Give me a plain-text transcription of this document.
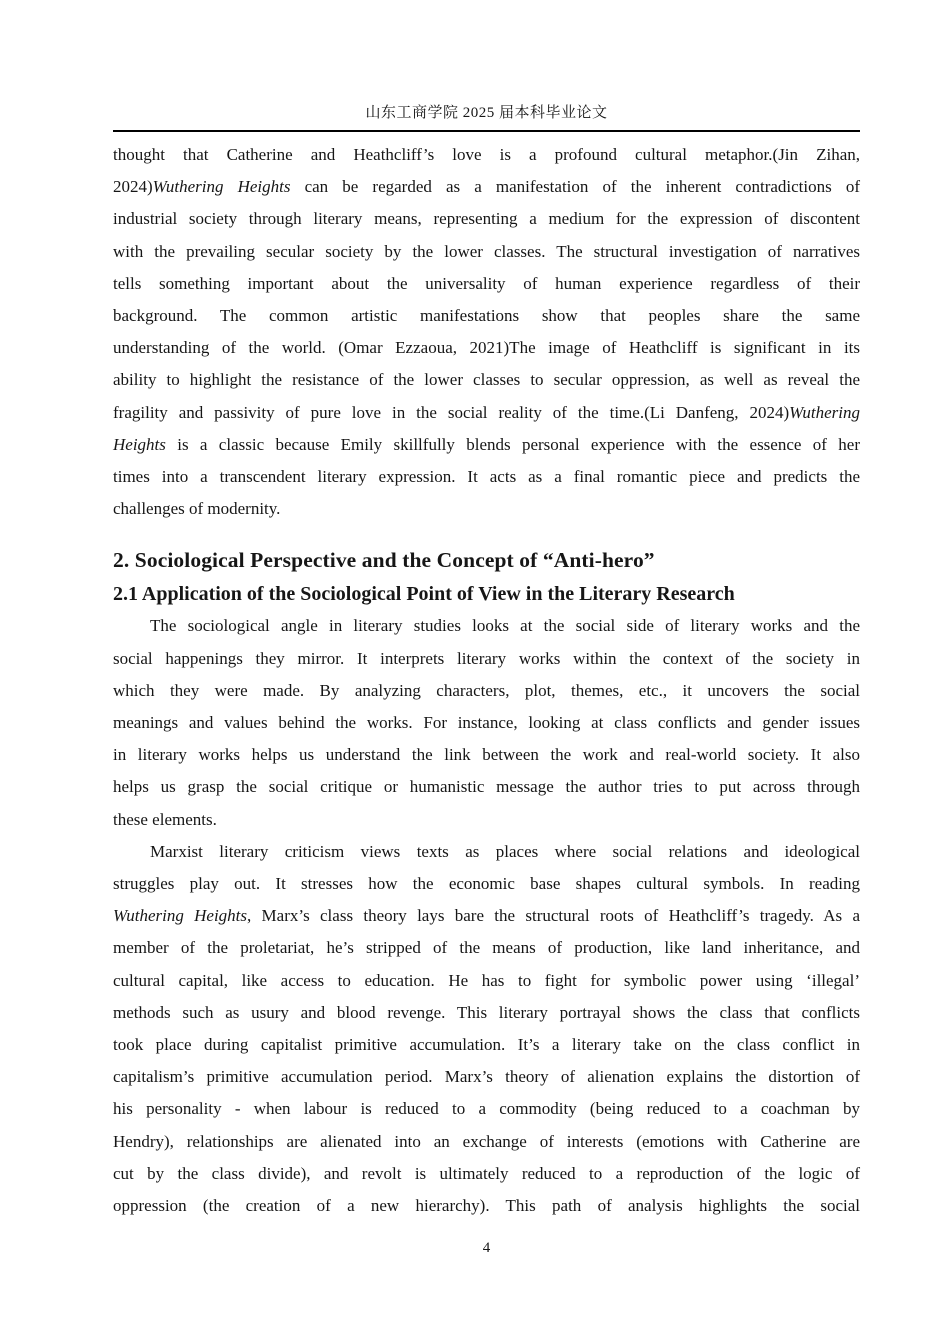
山东工商学院 2025 届本科毕业论文
thought that Catherine and Heathcliff’s love is a profound cultural metaphor.(Jin Zihan,
2024)Wuthering Heights can be regarded as a manifestation of the inherent contradictions of
industrial society through literary means, representing a medium for the expression of discontent
with the prevailing secular society by the lower classes. The structural investigation of narratives
tells something important about the universality of human experience regardless of their
background. The common artistic manifestations show that peoples share the same
understanding of the world. (Omar Ezzaoua, 2021)The image of Heathcliff is significant in its
ability to highlight the resistance of the lower classes to secular oppression, as well as reveal the
fragility and passivity of pure love in the social reality of the time.(Li Danfeng, 2024)Wuthering
Heights is a classic because Emily skillfully blends personal experience with the essence of her
times into a transcendent literary expression. It acts as a final romantic piece and predicts the
challenges of modernity.
2. Sociological Perspective and the Concept of “Anti-hero”
2.1 Application of the Sociological Point of View in the Literary Research
The sociological angle in literary studies looks at the social side of literary works and the
social happenings they mirror. It interprets literary works within the context of the society in
which they were made. By analyzing characters, plot, themes, etc., it uncovers the social
meanings and values behind the works. For instance, looking at class conflicts and gender issues
in literary works helps us understand the link between the work and real-world society. It also
helps us grasp the social critique or humanistic message the author tries to put across through
these elements.
Marxist literary criticism views texts as places where social relations and ideological
struggles play out. It stresses how the economic base shapes cultural symbols. In reading
Wuthering Heights, Marx’s class theory lays bare the structural roots of Heathcliff’s tragedy. As a
member of the proletariat, he’s stripped of the means of production, like land inheritance, and
cultural capital, like access to education. He has to fight for symbolic power using ‘illegal’
methods such as usury and blood revenge. This literary portrayal shows the class that conflicts
took place during capitalist primitive accumulation. It’s a literary take on the class conflict in
capitalism’s primitive accumulation period. Marx’s theory of alienation explains the distortion of
his personality - when labour is reduced to a commodity (being reduced to a coachman by
Hendry), relationships are alienated into an exchange of interests (emotions with Catherine are
cut by the class divide), and revolt is ultimately reduced to a reproduction of the logic of
oppression (the creation of a new hierarchy). This path of analysis highlights the social
4
